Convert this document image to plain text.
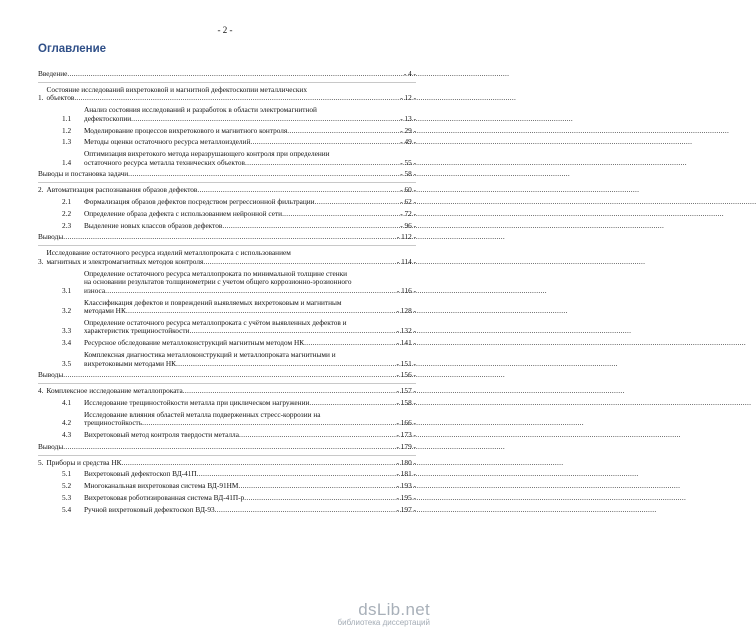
- 2 -
Оглавление
Введение .....	- 4 -
1.
Состояние исследований вихретоковой и магнитной дефектоскопии металлических
объектов .....	- 12 -
1.1
Анализ состояния исследований и разработок в области электромагнитной
дефектоскопии .....	- 13 -
1.2	Моделирование процессов вихретокового и магнитного контроля .....	- 29 -
1.3	Методы оценки остаточного ресурса металлоизделий .....	- 49 -
1.4
Оптимизация вихретокого метода неразрушающего контроля при определении
остаточного ресурса металла технических объектов .....	- 55 -
Выводы и постановка задачи .....	- 58 -
2. Автоматизация распознавания образов дефектов .....	- 60 -
2.1	Формализация образов дефектов посредством регрессионной фильтрации .....	- 62 -
2.2	Определение образа дефекта с использованием нейронной сети .....	- 72 -
2.3	Выделение новых классов образов дефектов .....	- 96 -
Выводы .....	- 112 -
3.
Исследование остаточного ресурса изделий металлопроката с использованием
магнитных и электромагнитных методов контроля .....	- 114 -
3.1
Определение остаточного ресурса металлопроката по минимальной толщине стенки
на основании результатов толщинометрии с учетом общего коррозионно-эрозионного
износа .....	- 116 -
3.2
Классификация дефектов и повреждений выявляемых вихретоковым и магнитным
методами НК .....	- 128 -
3.3
Определение остаточного ресурса металлопроката с учётом выявленных дефектов и
характеристик трещиностойкости .....	- 132 -
3.4	Ресурсное обследование металлоконструкций магнитным методом НК .....	- 141 -
3.5
Комплексная диагностика металлоконструкций и металлопроката магнитными и
вихретоковыми методами НК .....	- 151 -
Выводы .....	- 156 -
4. Комплексное исследование металлопроката .....	- 157 -
4.1	Исследование трещиностойкости металла при циклическом нагружении .....	- 158 -
4.2
Исследование влияния областей металла подверженных стресс-коррозии на
трещиностойкость .....	- 166 -
4.3	Вихретоковый метод контроля твердости металла .....	- 173 -
Выводы .....	- 179 -
5. Приборы и средства НК .....	- 180 -
5.1	Вихретоковый дефектоскоп ВД-41П .....	- 181 -
5.2	Многоканальная вихретоковая система ВД-91НМ .....	- 193 -
5.3	Вихретоковая роботизированная система ВД-41П-р .....	- 195 -
5.4	Ручной вихретоковый дефектоскоп ВД-93 .....	- 197 -
dsLib.net
библиотека диссертаций
